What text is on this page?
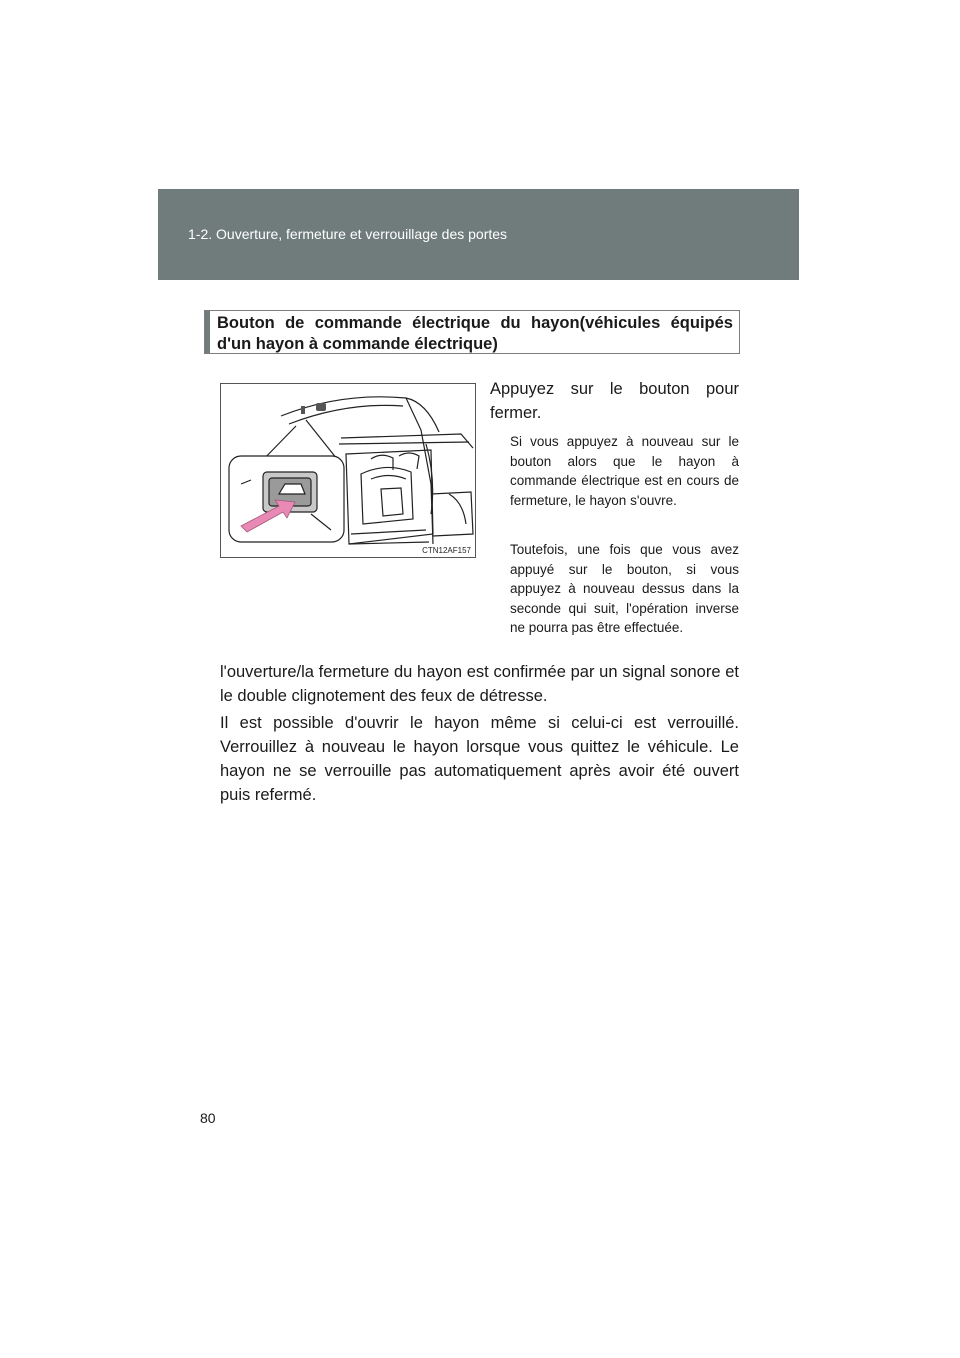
1-2. Ouverture, fermeture et verrouillage des portes
Bouton de commande électrique du hayon(véhicules équipés d'un hayon à commande électrique)
CTN12AF157
Appuyez sur le bouton pour fermer.
Si vous appuyez à nouveau sur le bouton alors que le hayon à commande électrique est en cours de fermeture, le hayon s'ouvre.
Toutefois, une fois que vous avez appuyé sur le bouton, si vous appuyez à nouveau dessus dans la seconde qui suit, l'opération inverse ne pourra pas être effectuée.
l'ouverture/la fermeture du hayon est confirmée par un signal sonore et le double clignotement des feux de détresse.
Il est possible d'ouvrir le hayon même si celui-ci est verrouillé. Verrouillez à nouveau le hayon lorsque vous quittez le véhicule. Le hayon ne se verrouille pas automatiquement après avoir été ouvert puis refermé.
80
